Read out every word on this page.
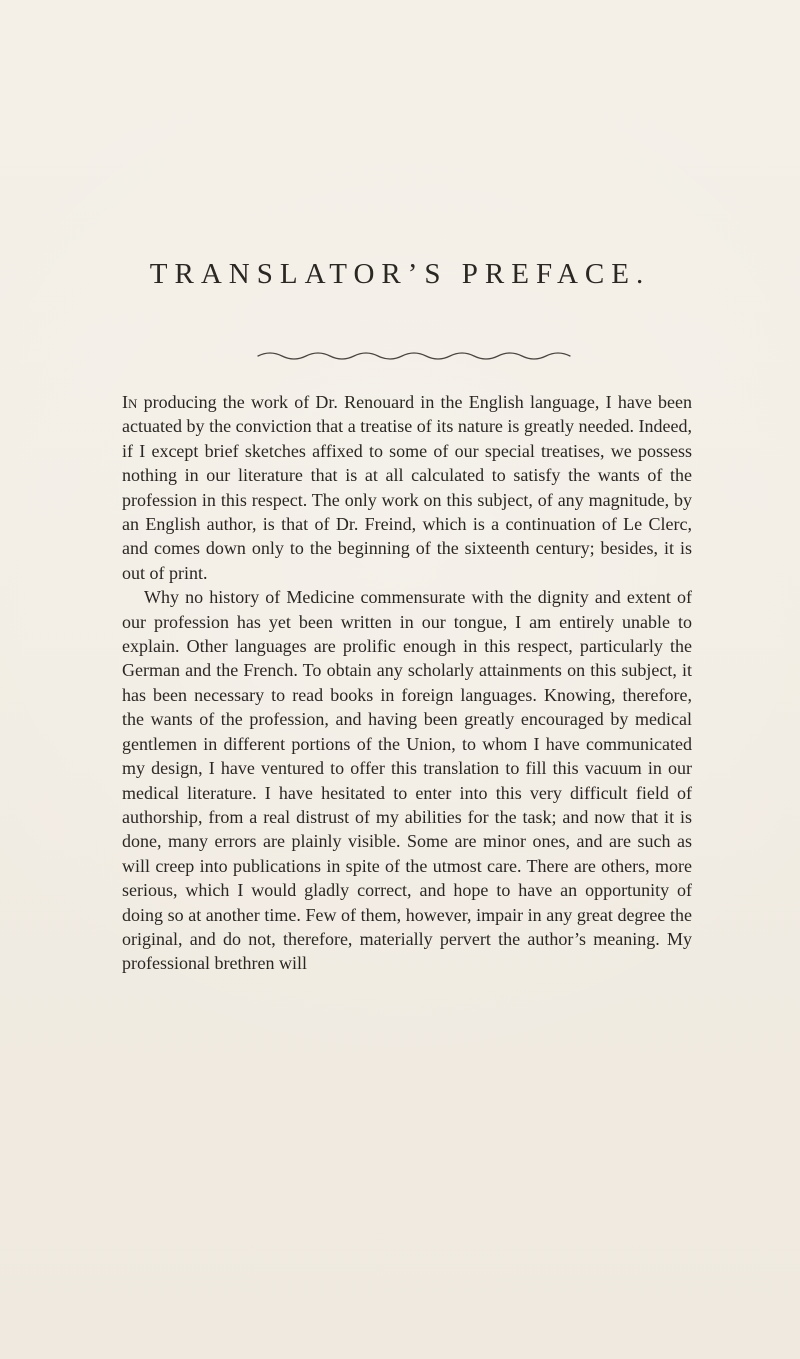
TRANSLATOR’S PREFACE.

In producing the work of Dr. Renouard in the English language, I have been actuated by the conviction that a treatise of its nature is greatly needed. Indeed, if I except brief sketches affixed to some of our special treatises, we possess nothing in our literature that is at all calculated to satisfy the wants of the profession in this respect. The only work on this subject, of any magnitude, by an English author, is that of Dr. Freind, which is a continuation of Le Clerc, and comes down only to the beginning of the sixteenth century; besides, it is out of print.

Why no history of Medicine commensurate with the dignity and extent of our profession has yet been written in our tongue, I am entirely unable to explain. Other languages are prolific enough in this respect, particularly the German and the French. To obtain any scholarly attainments on this subject, it has been necessary to read books in foreign languages. Knowing, therefore, the wants of the profession, and having been greatly encouraged by medical gentlemen in different portions of the Union, to whom I have communicated my design, I have ventured to offer this translation to fill this vacuum in our medical literature. I have hesitated to enter into this very difficult field of authorship, from a real distrust of my abilities for the task; and now that it is done, many errors are plainly visible. Some are minor ones, and are such as will creep into publications in spite of the utmost care. There are others, more serious, which I would gladly correct, and hope to have an opportunity of doing so at another time. Few of them, however, impair in any great degree the original, and do not, therefore, materially pervert the author’s meaning. My professional brethren will
